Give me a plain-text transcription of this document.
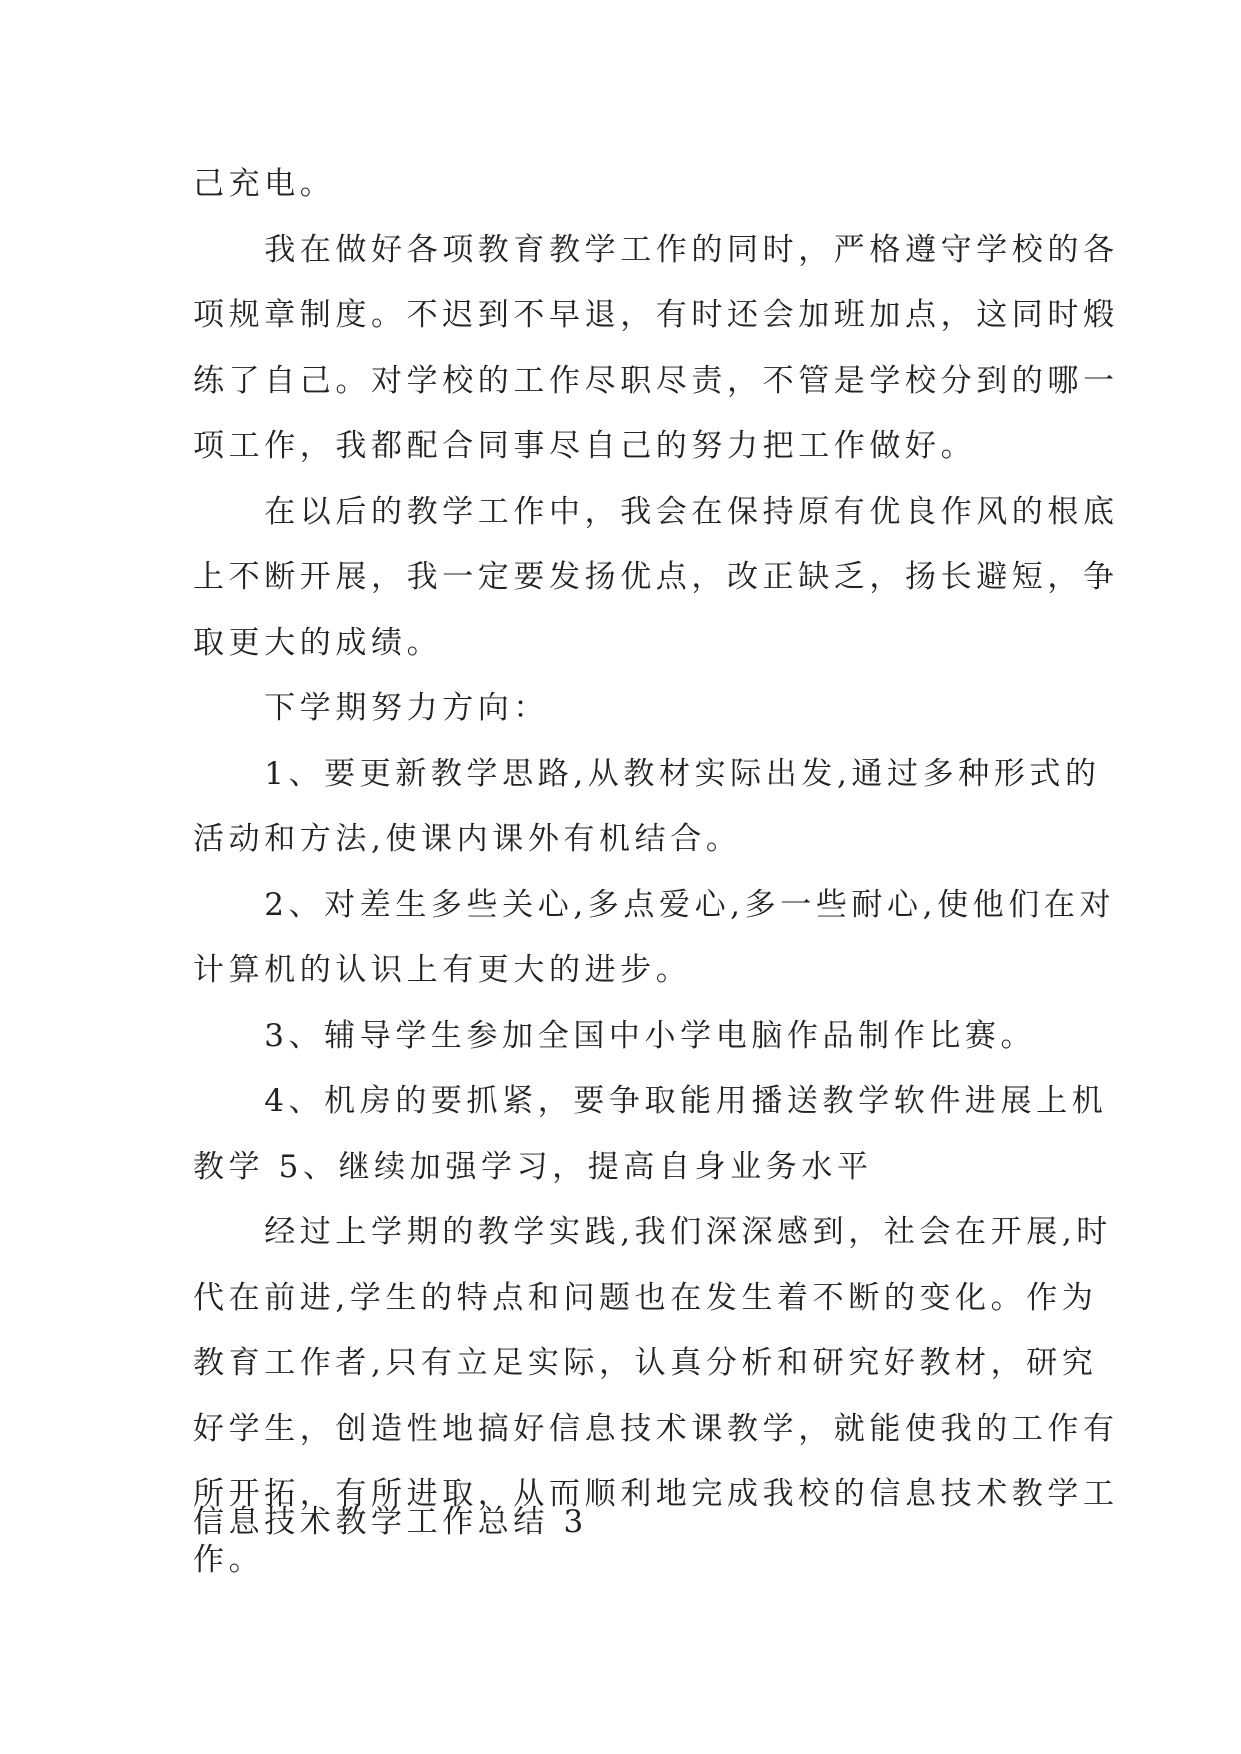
己充电。
　　我在做好各项教育教学工作的同时，严格遵守学校的各
项规章制度。不迟到不早退，有时还会加班加点，这同时煅
练了自己。对学校的工作尽职尽责，不管是学校分到的哪一
项工作，我都配合同事尽自己的努力把工作做好。
　　在以后的教学工作中，我会在保持原有优良作风的根底
上不断开展，我一定要发扬优点，改正缺乏，扬长避短，争
取更大的成绩。
　　下学期努力方向：
　　1、要更新教学思路,从教材实际出发,通过多种形式的
活动和方法,使课内课外有机结合。
　　2、对差生多些关心,多点爱心,多一些耐心,使他们在对
计算机的认识上有更大的进步。
　　3、辅导学生参加全国中小学电脑作品制作比赛。
　　4、机房的要抓紧，要争取能用播送教学软件进展上机
教学 5、继续加强学习，提高自身业务水平
　　经过上学期的教学实践,我们深深感到，社会在开展,时
代在前进,学生的特点和问题也在发生着不断的变化。作为
教育工作者,只有立足实际，认真分析和研究好教材，研究
好学生，创造性地搞好信息技术课教学，就能使我的工作有
所开拓，有所进取，从而顺利地完成我校的信息技术教学工
作。
信息技术教学工作总结 3
